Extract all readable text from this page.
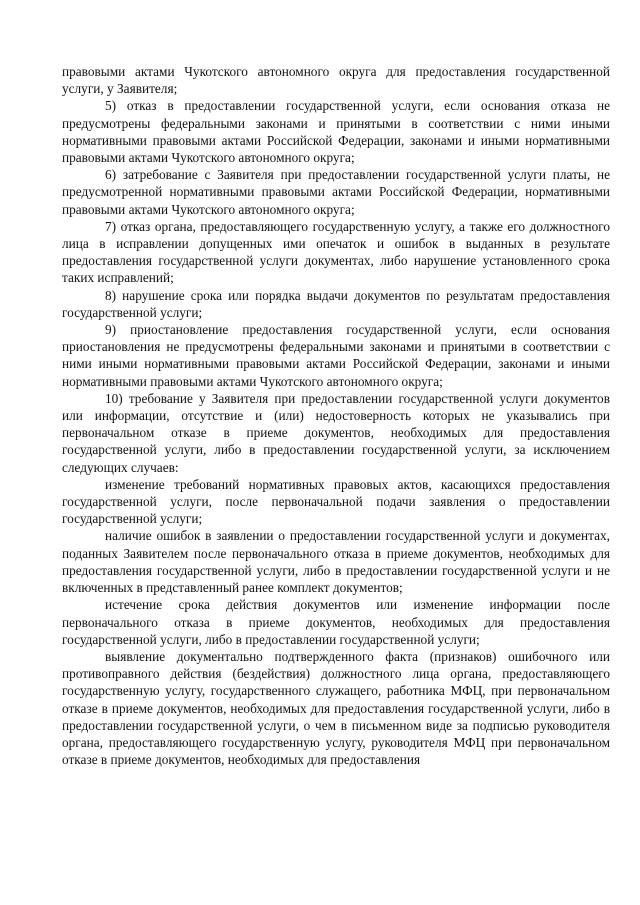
правовыми актами Чукотского автономного округа для предоставления государственной услуги, у Заявителя;

5) отказ в предоставлении государственной услуги, если основания отказа не предусмотрены федеральными законами и принятыми в соответствии с ними иными нормативными правовыми актами Российской Федерации, законами и иными нормативными правовыми актами Чукотского автономного округа;

6) затребование с Заявителя при предоставлении государственной услуги платы, не предусмотренной нормативными правовыми актами Российской Федерации, нормативными правовыми актами Чукотского автономного округа;

7) отказ органа, предоставляющего государственную услугу, а также его должностного лица в исправлении допущенных ими опечаток и ошибок в выданных в результате предоставления государственной услуги документах, либо нарушение установленного срока таких исправлений;

8) нарушение срока или порядка выдачи документов по результатам предоставления государственной услуги;

9) приостановление предоставления государственной услуги, если основания приостановления не предусмотрены федеральными законами и принятыми в соответствии с ними иными нормативными правовыми актами Российской Федерации, законами и иными нормативными правовыми актами Чукотского автономного округа;

10) требование у Заявителя при предоставлении государственной услуги документов или информации, отсутствие и (или) недостоверность которых не указывались при первоначальном отказе в приеме документов, необходимых для предоставления государственной услуги, либо в предоставлении государственной услуги, за исключением следующих случаев:

изменение требований нормативных правовых актов, касающихся предоставления государственной услуги, после первоначальной подачи заявления о предоставлении государственной услуги;

наличие ошибок в заявлении о предоставлении государственной услуги и документах, поданных Заявителем после первоначального отказа в приеме документов, необходимых для предоставления государственной услуги, либо в предоставлении государственной услуги и не включенных в представленный ранее комплект документов;

истечение срока действия документов или изменение информации после первоначального отказа в приеме документов, необходимых для предоставления государственной услуги, либо в предоставлении государственной услуги;

выявление документально подтвержденного факта (признаков) ошибочного или противоправного действия (бездействия) должностного лица органа, предоставляющего государственную услугу, государственного служащего, работника МФЦ, при первоначальном отказе в приеме документов, необходимых для предоставления государственной услуги, либо в предоставлении государственной услуги, о чем в письменном виде за подписью руководителя органа, предоставляющего государственную услугу, руководителя МФЦ при первоначальном отказе в приеме документов, необходимых для предоставления
